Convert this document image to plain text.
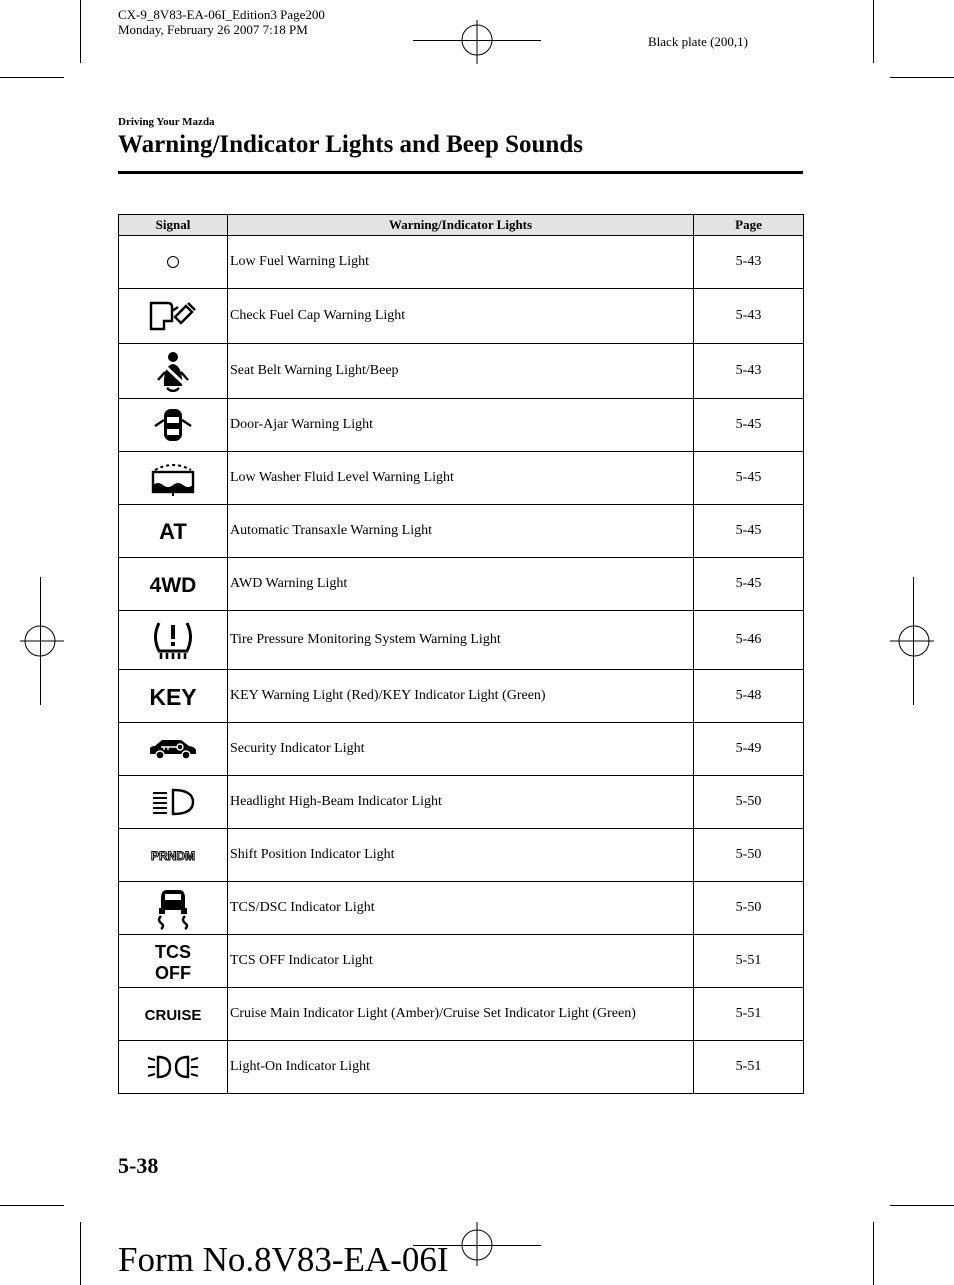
CX-9_8V83-EA-06I_Edition3 Page200
Monday, February 26 2007 7:18 PM
Black plate (200,1)
Driving Your Mazda
Warning/Indicator Lights and Beep Sounds
Signal	Warning/Indicator Lights	Page

	Low Fuel Warning Light	5-43

	Check Fuel Cap Warning Light	5-43

	Seat Belt Warning Light/Beep	5-43

	Door-Ajar Warning Light	5-45

	Low Washer Fluid Level Warning Light	5-45

AT	Automatic Transaxle Warning Light	5-45

4WD	AWD Warning Light	5-45

	Tire Pressure Monitoring System Warning Light	5-46

KEY	KEY Warning Light (Red)/KEY Indicator Light (Green)	5-48

	Security Indicator Light	5-49

	Headlight High-Beam Indicator Light	5-50

PRNDM	Shift Position Indicator Light	5-50

	TCS/DSC Indicator Light	5-50

TCS
OFF	TCS OFF Indicator Light	5-51

CRUISE	Cruise Main Indicator Light (Amber)/Cruise Set Indicator Light (Green)	5-51

	Light-On Indicator Light	5-51
5-38
Form No.8V83-EA-06I
